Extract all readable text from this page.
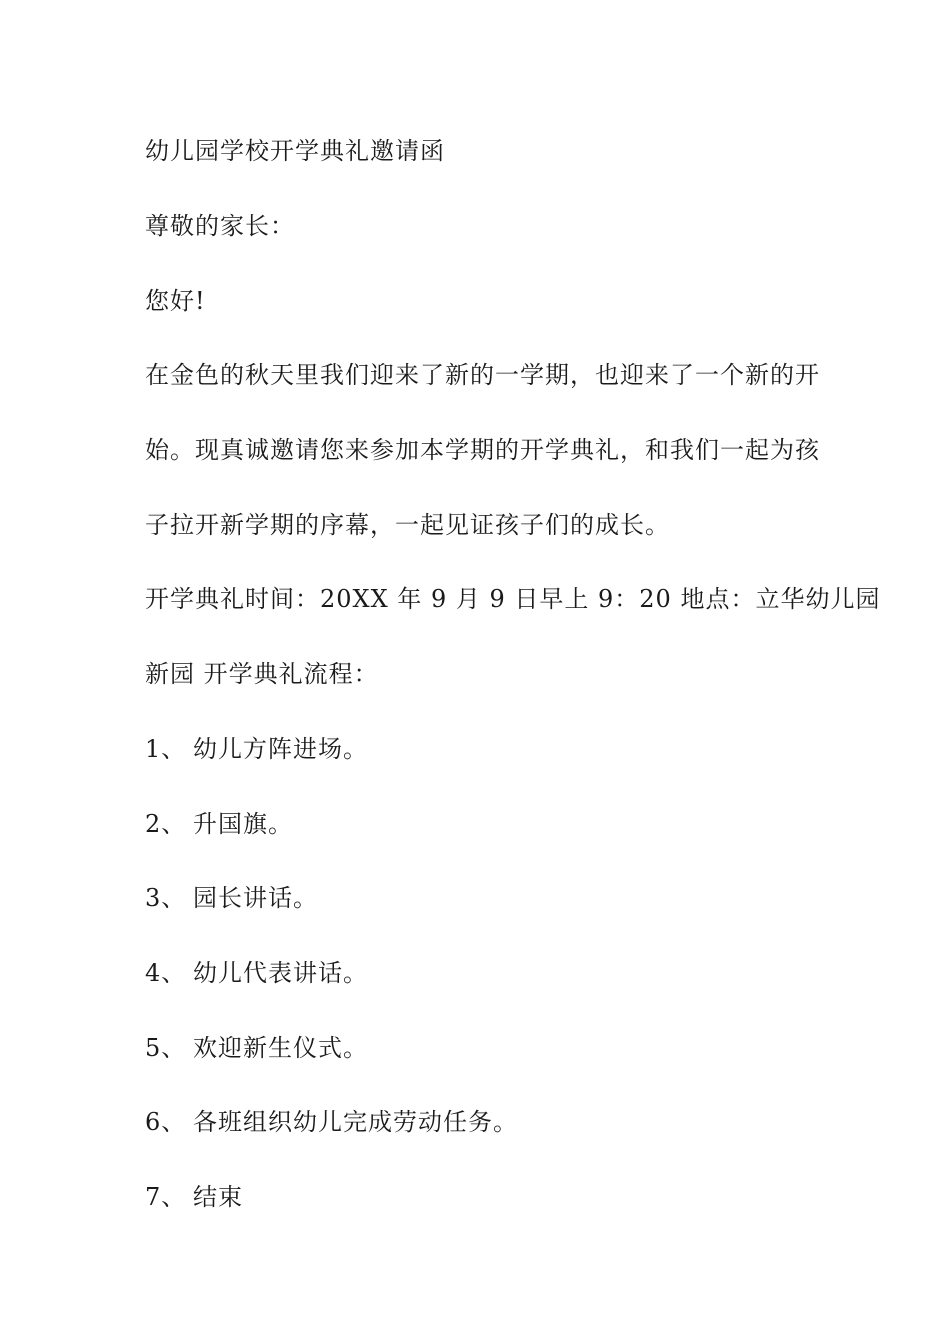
幼儿园学校开学典礼邀请函
尊敬的家长：
您好!
在金色的秋天里我们迎来了新的一学期，也迎来了一个新的开
始。现真诚邀请您来参加本学期的开学典礼，和我们一起为孩
子拉开新学期的序幕，一起见证孩子们的成长。
开学典礼时间：20XX 年 9 月 9 日早上 9：20 地点：立华幼儿园
新园 开学典礼流程：
1、 幼儿方阵进场。
2、 升国旗。
3、 园长讲话。
4、 幼儿代表讲话。
5、 欢迎新生仪式。
6、 各班组织幼儿完成劳动任务。
7、 结束
